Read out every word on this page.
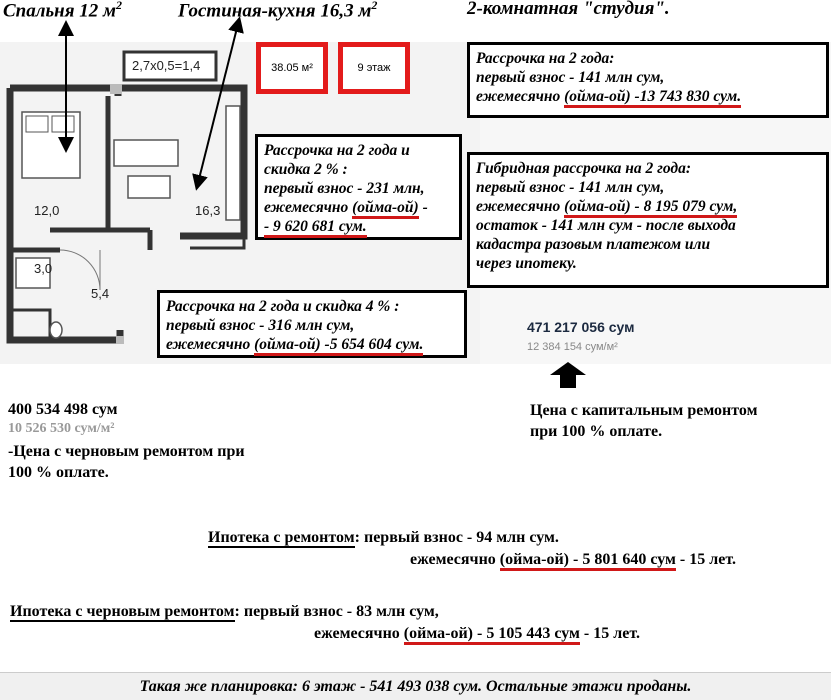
Спальня 12 $м^2$	Гостиная-кухня 16,3 $м^2$	2-комнатная "студия".
2,7х0,5=1,4
12,0	16,3
3,0
5,4
38.05 м²	9 этаж
Рассрочка на 2 года:
первый взнос - 141 млн сум,
ежемесячно (ойма-ой) -13 743 830 сум.
Рассрочка на 2 года и
скидка 2 % :
первый взнос - 231 млн,
ежемесячно (ойма-ой) -
- 9 620 681 сум.
Гибридная рассрочка на 2 года:
первый взнос - 141 млн сум,
ежемесячно (ойма-ой) - 8 195 079 сум,
остаток - 141 млн сум - после выхода
кадастра разовым платежом или
через ипотеку.
Рассрочка на 2 года и скидка 4 % :
первый взнос - 316 млн сум,
ежемесячно (ойма-ой) -5 654 604 сум.
471 217 056 сум
12 384 154 сум/м²
Цена с капитальным ремонтом
при 100 % оплате.
400 534 498 сум
10 526 530 сум/м²
-Цена с черновым ремонтом при
100 % оплате.
Ипотека с ремонтом: первый взнос - 94 млн сум.
ежемесячно (ойма-ой) - 5 801 640 сум - 15 лет.
Ипотека с черновым ремонтом: первый взнос - 83 млн сум,
ежемесячно (ойма-ой) - 5 105 443 сум - 15 лет.
Такая же планировка: 6 этаж - 541 493 038 сум. Остальные этажи проданы.
